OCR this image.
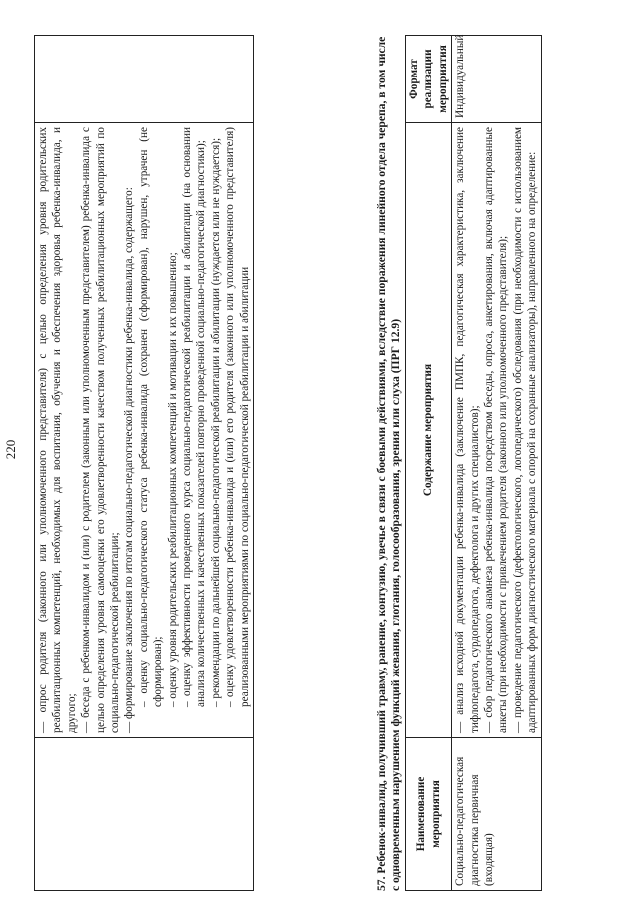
220
	— опрос родителя (законного или уполномоченного представителя) с целью определения уровня родительских реабилитационных компетенций, необходимых для воспитания, обучения и обеспечения здоровья ребенка-инвалида, и другого; — беседа с ребенком-инвалидом и (или) с родителем (законным или уполномоченным представителем) ребенка-инвалида с целью определения уровня самооценки его удовлетворенности качеством полученных реабилитационных мероприятий по социально-педагогической реабилитации; — формирование заключения по итогам социально-педагогической диагностики ребенка-инвалида, содержащего: – оценку социально-педагогического статуса ребенка-инвалида (сохранен (сформирован), нарушен, утрачен (не сформирован); – оценку уровня родительских реабилитационных компетенций и мотивации к их повышению; – оценку эффективности проведенного курса социально-педагогической реабилитации и абилитации (на основании анализа количественных и качественных показателей повторно проведенной социально-педагогической диагностики); – рекомендации по дальнейшей социально-педагогической реабилитации и абилитации (нуждается или не нуждается); – оценку удовлетворенности ребенка-инвалида и (или) его родителя (законного или уполномоченного представителя) реализованными мероприятиями по социально-педагогической реабилитации и абилитации
		57. Ребенок-инвалид, получивший травму, ранение, контузию, увечье в связи с боевыми действиями, вследствие поражения линейного отдела черепа, в том числе с одновременным нарушением функций жевания, глотания, голосообразования, зрения или слуха (ПРГ 12.9) Наименование мероприятия	Содержание мероприятия	Формат реализации мероприятия
Социально-педагогическая диагностика первичная (входящая)	— анализ исходной документации ребенка-инвалида (заключение ПМПК, педагогическая характеристика, заключение тифлопедагога, сурдопедагога, дефектолога и других специалистов); — сбор педагогического анамнеза ребенка-инвалида посредством беседы, опроса, анкетирования, включая адаптированные анкеты (при необходимости с привлечением родителя (законного или уполномоченного представителя); — проведение педагогического (дефектологического, логопедического) обследования (при необходимости с использованием адаптированных форм диагностического материала с опорой на сохранные анализаторы), направленного на определение:	Индивидуальный
